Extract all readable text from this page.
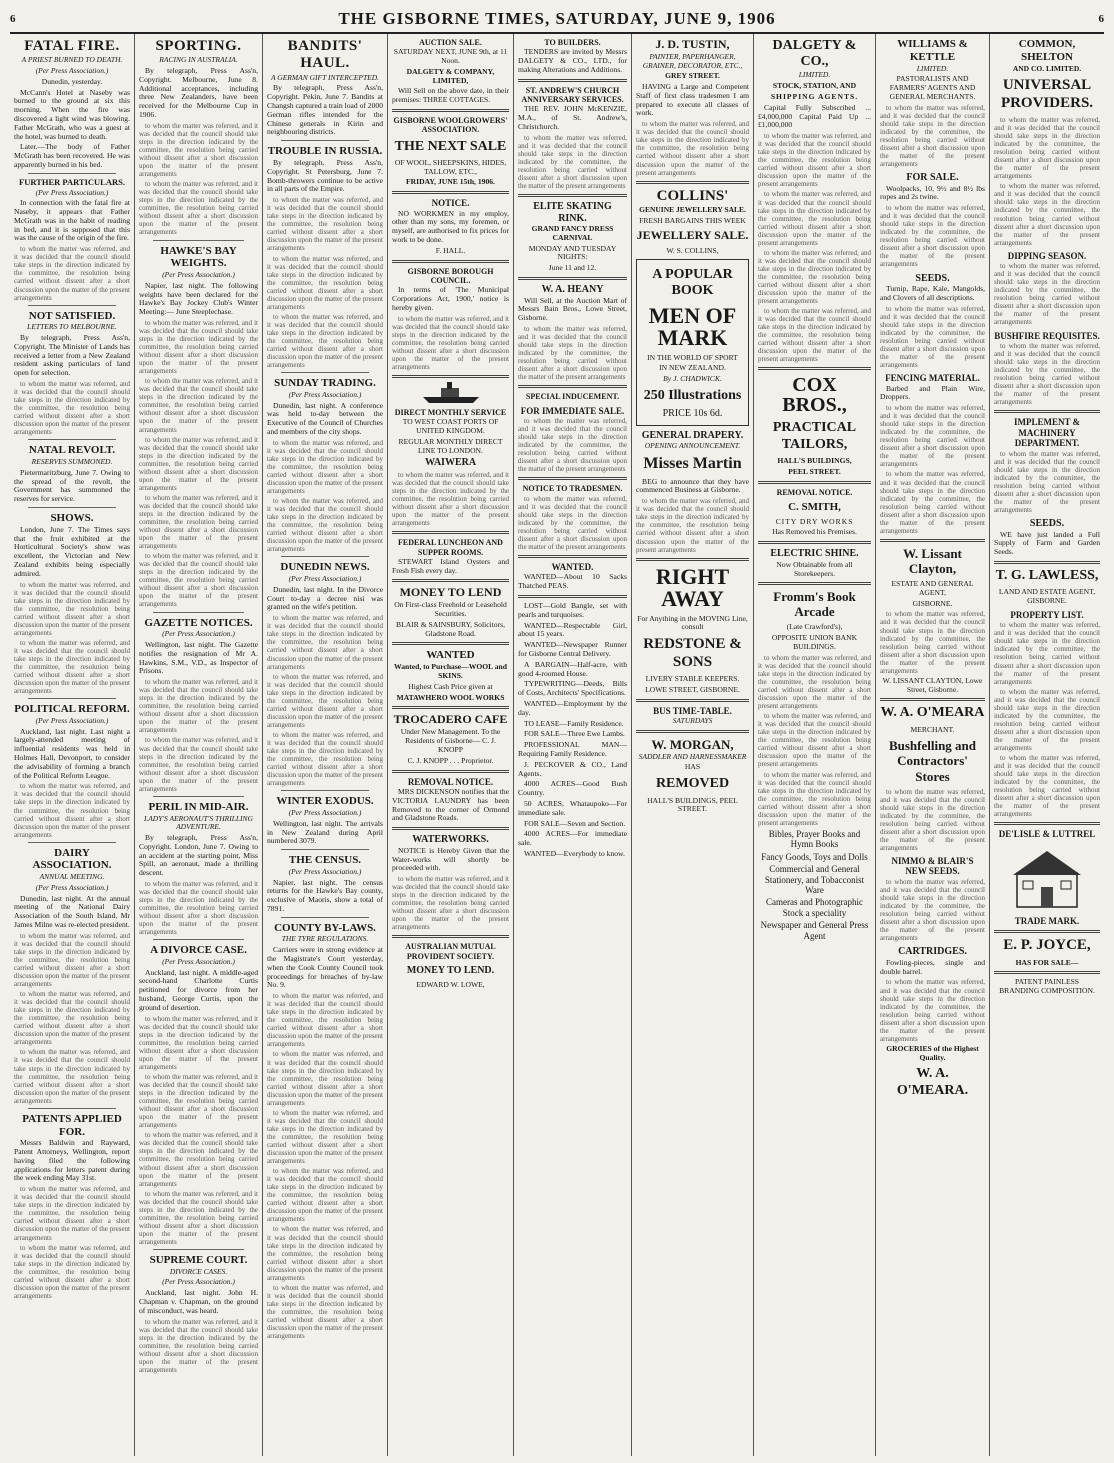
6	THE GISBORNE TIMES, SATURDAY, JUNE 9, 1906	6
FATAL FIRE.
A PRIEST BURNED TO DEATH.
(Per Press Association.)

Dunedin, yesterday.

McCann's Hotel at Naseby was burned to the ground at six this morning. When the fire was discovered a light wind was blowing. Father McGrath, who was a guest at the hotel, was burned to death.

Later.—The body of Father McGrath has been recovered. He was apparently burned in his bed.

FURTHER PARTICULARS.
(Per Press Association.)

In connection with the fatal fire at Naseby, it appears that Father McGrath was in the habit of reading in bed, and it is supposed that this was the cause of the origin of the fire.

to whom the matter was referred, and it was decided that the council should take steps in the direction indicated by the committee, the resolution being carried without dissent after a short discussion upon the matter of the present arrangements

NOT SATISFIED.
LETTERS TO MELBOURNE.

By telegraph, Press Ass'n, Copyright. The Minister of Lands has received a letter from a New Zealand resident asking particulars of land open for selection.

to whom the matter was referred, and it was decided that the council should take steps in the direction indicated by the committee, the resolution being carried without dissent after a short discussion upon the matter of the present arrangements

NATAL REVOLT.
RESERVES SUMMONED.

Pietermaritzburg, June 7. Owing to the spread of the revolt, the Government has summoned the reserves for service.

SHOWS.

London, June 7. The Times says that the fruit exhibited at the Horticultural Society's show was excellent, the Victorian and New Zealand exhibits being especially admired.

to whom the matter was referred, and it was decided that the council should take steps in the direction indicated by the committee, the resolution being carried without dissent after a short discussion upon the matter of the present arrangements

to whom the matter was referred, and it was decided that the council should take steps in the direction indicated by the committee, the resolution being carried without dissent after a short discussion upon the matter of the present arrangements

POLITICAL REFORM.
(Per Press Association.)

Auckland, last night. Last night a largely-attended meeting of influential residents was held in Holmes Hall, Devonport, to consider the advisability of forming a branch of the Political Reform League.

to whom the matter was referred, and it was decided that the council should take steps in the direction indicated by the committee, the resolution being carried without dissent after a short discussion upon the matter of the present arrangements

DAIRY ASSOCIATION.
ANNUAL MEETING.
(Per Press Association.)

Dunedin, last night. At the annual meeting of the National Dairy Association of the South Island, Mr James Milne was re-elected president.

to whom the matter was referred, and it was decided that the council should take steps in the direction indicated by the committee, the resolution being carried without dissent after a short discussion upon the matter of the present arrangements

to whom the matter was referred, and it was decided that the council should take steps in the direction indicated by the committee, the resolution being carried without dissent after a short discussion upon the matter of the present arrangements

to whom the matter was referred, and it was decided that the council should take steps in the direction indicated by the committee, the resolution being carried without dissent after a short discussion upon the matter of the present arrangements

PATENTS APPLIED FOR.

Messrs Baldwin and Rayward, Patent Attorneys, Wellington, report having filed the following applications for letters patent during the week ending May 31st.

to whom the matter was referred, and it was decided that the council should take steps in the direction indicated by the committee, the resolution being carried without dissent after a short discussion upon the matter of the present arrangements

to whom the matter was referred, and it was decided that the council should take steps in the direction indicated by the committee, the resolution being carried without dissent after a short discussion upon the matter of the present arrangements

SPORTING.
RACING IN AUSTRALIA.

By telegraph, Press Ass'n, Copyright. Melbourne, June 8. Additional acceptances, including three New Zealanders, have been received for the Melbourne Cup in 1906.

to whom the matter was referred, and it was decided that the council should take steps in the direction indicated by the committee, the resolution being carried without dissent after a short discussion upon the matter of the present arrangements

to whom the matter was referred, and it was decided that the council should take steps in the direction indicated by the committee, the resolution being carried without dissent after a short discussion upon the matter of the present arrangements

HAWKE'S BAY WEIGHTS.
(Per Press Association.)

Napier, last night. The following weights have been declared for the Hawke's Bay Jockey Club's Winter Meeting:— June Steeplechase.

to whom the matter was referred, and it was decided that the council should take steps in the direction indicated by the committee, the resolution being carried without dissent after a short discussion upon the matter of the present arrangements

to whom the matter was referred, and it was decided that the council should take steps in the direction indicated by the committee, the resolution being carried without dissent after a short discussion upon the matter of the present arrangements

to whom the matter was referred, and it was decided that the council should take steps in the direction indicated by the committee, the resolution being carried without dissent after a short discussion upon the matter of the present arrangements

to whom the matter was referred, and it was decided that the council should take steps in the direction indicated by the committee, the resolution being carried without dissent after a short discussion upon the matter of the present arrangements

to whom the matter was referred, and it was decided that the council should take steps in the direction indicated by the committee, the resolution being carried without dissent after a short discussion upon the matter of the present arrangements

GAZETTE NOTICES.
(Per Press Association.)

Wellington, last night. The Gazette notifies the resignation of Mr A. Hawkins, S.M., V.D., as Inspector of Prisons.

to whom the matter was referred, and it was decided that the council should take steps in the direction indicated by the committee, the resolution being carried without dissent after a short discussion upon the matter of the present arrangements

to whom the matter was referred, and it was decided that the council should take steps in the direction indicated by the committee, the resolution being carried without dissent after a short discussion upon the matter of the present arrangements

PERIL IN MID-AIR.
LADY'S AERONAUT'S THRILLING ADVENTURE.

By telegraph, Press Ass'n, Copyright. London, June 7. Owing to an accident at the starting point, Miss Spill, an aeronaut, made a thrilling descent.

to whom the matter was referred, and it was decided that the council should take steps in the direction indicated by the committee, the resolution being carried without dissent after a short discussion upon the matter of the present arrangements

A DIVORCE CASE.
(Per Press Association.)

Auckland, last night. A middle-aged second-hand Charlotte Curtis petitioned for divorce from her husband, George Curtis, upon the ground of desertion.

to whom the matter was referred, and it was decided that the council should take steps in the direction indicated by the committee, the resolution being carried without dissent after a short discussion upon the matter of the present arrangements

to whom the matter was referred, and it was decided that the council should take steps in the direction indicated by the committee, the resolution being carried without dissent after a short discussion upon the matter of the present arrangements

to whom the matter was referred, and it was decided that the council should take steps in the direction indicated by the committee, the resolution being carried without dissent after a short discussion upon the matter of the present arrangements

to whom the matter was referred, and it was decided that the council should take steps in the direction indicated by the committee, the resolution being carried without dissent after a short discussion upon the matter of the present arrangements

SUPREME COURT.
DIVORCE CASES.
(Per Press Association.)

Auckland, last night. John H. Chapman v. Chapman, on the ground of misconduct, was heard.

to whom the matter was referred, and it was decided that the council should take steps in the direction indicated by the committee, the resolution being carried without dissent after a short discussion upon the matter of the present arrangements

BANDITS' HAUL.
A GERMAN GIFT INTERCEPTED.

By telegraph, Press Ass'n, Copyright. Pekin, June 7. Bandits at Changsh captured a train load of 2000 German rifles intended for the Chinese generals in Kirin and neighbouring districts.

TROUBLE IN RUSSIA.

By telegraph, Press Ass'n, Copyright. St Petersburg, June 7. Bomb-throwers continue to be active in all parts of the Empire.

to whom the matter was referred, and it was decided that the council should take steps in the direction indicated by the committee, the resolution being carried without dissent after a short discussion upon the matter of the present arrangements

to whom the matter was referred, and it was decided that the council should take steps in the direction indicated by the committee, the resolution being carried without dissent after a short discussion upon the matter of the present arrangements

to whom the matter was referred, and it was decided that the council should take steps in the direction indicated by the committee, the resolution being carried without dissent after a short discussion upon the matter of the present arrangements

SUNDAY TRADING.
(Per Press Association.)

Dunedin, last night. A conference was held to-day between the Executive of the Council of Churches and members of the city shops.

to whom the matter was referred, and it was decided that the council should take steps in the direction indicated by the committee, the resolution being carried without dissent after a short discussion upon the matter of the present arrangements

to whom the matter was referred, and it was decided that the council should take steps in the direction indicated by the committee, the resolution being carried without dissent after a short discussion upon the matter of the present arrangements

DUNEDIN NEWS.
(Per Press Association.)

Dunedin, last night. In the Divorce Court to-day a decree nisi was granted on the wife's petition.

to whom the matter was referred, and it was decided that the council should take steps in the direction indicated by the committee, the resolution being carried without dissent after a short discussion upon the matter of the present arrangements

to whom the matter was referred, and it was decided that the council should take steps in the direction indicated by the committee, the resolution being carried without dissent after a short discussion upon the matter of the present arrangements

to whom the matter was referred, and it was decided that the council should take steps in the direction indicated by the committee, the resolution being carried without dissent after a short discussion upon the matter of the present arrangements

WINTER EXODUS.
(Per Press Association.)

Wellington, last night. The arrivals in New Zealand during April numbered 3079.

THE CENSUS.
(Per Press Association.)

Napier, last night. The census returns for the Hawke's Bay county, exclusive of Maoris, show a total of 7891.

COUNTY BY-LAWS.
THE TYRE REGULATIONS.

Carriers were in strong evidence at the Magistrate's Court yesterday, when the Cook County Council took proceedings for breaches of by-law No. 9.

to whom the matter was referred, and it was decided that the council should take steps in the direction indicated by the committee, the resolution being carried without dissent after a short discussion upon the matter of the present arrangements

to whom the matter was referred, and it was decided that the council should take steps in the direction indicated by the committee, the resolution being carried without dissent after a short discussion upon the matter of the present arrangements

to whom the matter was referred, and it was decided that the council should take steps in the direction indicated by the committee, the resolution being carried without dissent after a short discussion upon the matter of the present arrangements

to whom the matter was referred, and it was decided that the council should take steps in the direction indicated by the committee, the resolution being carried without dissent after a short discussion upon the matter of the present arrangements

to whom the matter was referred, and it was decided that the council should take steps in the direction indicated by the committee, the resolution being carried without dissent after a short discussion upon the matter of the present arrangements

to whom the matter was referred, and it was decided that the council should take steps in the direction indicated by the committee, the resolution being carried without dissent after a short discussion upon the matter of the present arrangements

AUCTION SALE.

SATURDAY NEXT, JUNE 9th, at 11 Noon.

DALGETY & COMPANY, LIMITED,

Will Sell on the above date, in their premises: THREE COTTAGES.

GISBORNE WOOLGROWERS' ASSOCIATION.
THE NEXT SALE

OF WOOL, SHEEPSKINS, HIDES, TALLOW, ETC.,

FRIDAY, JUNE 15th, 1906.

NOTICE.

NO WORKMEN in my employ, other than my sons, my foremen, or myself, are authorised to fix prices for work to be done.

F. HALL.

GISBORNE BOROUGH COUNCIL.

In terms of 'The Municipal Corporations Act, 1900,' notice is hereby given.

to whom the matter was referred, and it was decided that the council should take steps in the direction indicated by the committee, the resolution being carried without dissent after a short discussion upon the matter of the present arrangements

DIRECT MONTHLY SERVICE

TO WEST COAST PORTS OF UNITED KINGDOM.

REGULAR MONTHLY DIRECT LINE TO LONDON.

WAIWERA

to whom the matter was referred, and it was decided that the council should take steps in the direction indicated by the committee, the resolution being carried without dissent after a short discussion upon the matter of the present arrangements

FEDERAL LUNCHEON AND SUPPER ROOMS.

STEWART Island Oysters and Fresh Fish every day.

MONEY TO LEND

On First-class Freehold or Leasehold Securities.

BLAIR & SAINSBURY, Solicitors, Gladstone Road.

WANTED

Wanted, to Purchase—WOOL and SKINS.

Highest Cash Price given at

MATAWHERO WOOL WORKS

TROCADERO CAFE

Under New Management. To the Residents of Gisborne— C. J. KNOPP

C. J. KNOPP . . . Proprietor.

REMOVAL NOTICE.

MRS DICKENSON notifies that the VICTORIA LAUNDRY has been Removed to the corner of Ormond and Gladstone Roads.

WATERWORKS.

NOTICE is Hereby Given that the Water-works will shortly be proceeded with.

to whom the matter was referred, and it was decided that the council should take steps in the direction indicated by the committee, the resolution being carried without dissent after a short discussion upon the matter of the present arrangements

AUSTRALIAN MUTUAL PROVIDENT SOCIETY.
MONEY TO LEND.

EDWARD W. LOWE,

TO BUILDERS.

TENDERS are invited by Messrs DALGETY & CO., LTD., for making Alterations and Additions.

ST. ANDREW'S CHURCH ANNIVERSARY SERVICES.

THE REV. JOHN McKENZIE, M.A., of St. Andrew's, Christchurch.

to whom the matter was referred, and it was decided that the council should take steps in the direction indicated by the committee, the resolution being carried without dissent after a short discussion upon the matter of the present arrangements

ELITE SKATING RINK.

GRAND FANCY DRESS CARNIVAL

MONDAY AND TUESDAY NIGHTS:

June 11 and 12.

W. A. HEANY

Will Sell, at the Auction Mart of Messrs Bain Bros., Lowe Street, Gisborne.

to whom the matter was referred, and it was decided that the council should take steps in the direction indicated by the committee, the resolution being carried without dissent after a short discussion upon the matter of the present arrangements

SPECIAL INDUCEMENT.
FOR IMMEDIATE SALE.

to whom the matter was referred, and it was decided that the council should take steps in the direction indicated by the committee, the resolution being carried without dissent after a short discussion upon the matter of the present arrangements

NOTICE TO TRADESMEN.

to whom the matter was referred, and it was decided that the council should take steps in the direction indicated by the committee, the resolution being carried without dissent after a short discussion upon the matter of the present arrangements

WANTED.

WANTED—About 10 Sacks Thatched PEAS.

LOST—Gold Bangle, set with pearls and turquoises.

WANTED—Respectable Girl, about 15 years.

WANTED—Newspaper Runner for Gisborne Central Delivery.

A BARGAIN—Half-acre, with good 4-roomed House.

TYPEWRITING—Deeds, Bills of Costs, Architects' Specifications.

WANTED—Employment by the day.

TO LEASE—Family Residence.

FOR SALE—Three Ewe Lambs.

PROFESSIONAL MAN—Requiring Family Residence.

J. PECKOVER & CO., Land Agents.

4000 ACRES—Good Bush Country.

50 ACRES, Whataupoko—For immediate sale.

FOR SALE—Seven and Section.

4000 ACRES—For immediate sale.

WANTED—Everybody to know.

J. D. TUSTIN,
PAINTER, PAPERHANGER, GRAINER, DECORATOR, ETC.,

GREY STREET.

HAVING a Large and Competent Staff of first class tradesmen I am prepared to execute all classes of work.

to whom the matter was referred, and it was decided that the council should take steps in the direction indicated by the committee, the resolution being carried without dissent after a short discussion upon the matter of the present arrangements

COLLINS'
GENUINE JEWELLERY SALE.

FRESH BARGAINS THIS WEEK

JEWELLERY SALE.

W. S. COLLINS,

A POPULAR BOOK
MEN OF MARK

IN THE WORLD OF SPORT

IN NEW ZEALAND.

By J. CHADWICK.

250 Illustrations

PRICE 10s 6d.

GENERAL DRAPERY.
OPENING ANNOUNCEMENT.
Misses Martin

BEG to announce that they have commenced Business at Gisborne.

to whom the matter was referred, and it was decided that the council should take steps in the direction indicated by the committee, the resolution being carried without dissent after a short discussion upon the matter of the present arrangements

RIGHT AWAY

For Anything in the MOVING Line, consult

REDSTONE & SONS

LIVERY STABLE KEEPERS.

LOWE STREET, GISBORNE.

BUS TIME-TABLE.
SATURDAYS
W. MORGAN,
SADDLER AND HARNESSMAKER

HAS

REMOVED

HALL'S BUILDINGS, PEEL STREET.

DALGETY & CO.,
LIMITED.

STOCK, STATION, AND

SHIPPING AGENTS.

Capital Fully Subscribed ... £4,000,000 Capital Paid Up ... £1,000,000

to whom the matter was referred, and it was decided that the council should take steps in the direction indicated by the committee, the resolution being carried without dissent after a short discussion upon the matter of the present arrangements

to whom the matter was referred, and it was decided that the council should take steps in the direction indicated by the committee, the resolution being carried without dissent after a short discussion upon the matter of the present arrangements

to whom the matter was referred, and it was decided that the council should take steps in the direction indicated by the committee, the resolution being carried without dissent after a short discussion upon the matter of the present arrangements

to whom the matter was referred, and it was decided that the council should take steps in the direction indicated by the committee, the resolution being carried without dissent after a short discussion upon the matter of the present arrangements

COX BROS.,
PRACTICAL TAILORS,

HALL'S BUILDINGS,

PEEL STREET.

REMOVAL NOTICE.
C. SMITH,

CITY DRY WORKS

Has Removed his Premises.

ELECTRIC SHINE.

Now Obtainable from all Storekeepers.

Fromm's Book Arcade

(Late Crawford's),

OPPOSITE UNION BANK BUILDINGS.

to whom the matter was referred, and it was decided that the council should take steps in the direction indicated by the committee, the resolution being carried without dissent after a short discussion upon the matter of the present arrangements

to whom the matter was referred, and it was decided that the council should take steps in the direction indicated by the committee, the resolution being carried without dissent after a short discussion upon the matter of the present arrangements

to whom the matter was referred, and it was decided that the council should take steps in the direction indicated by the committee, the resolution being carried without dissent after a short discussion upon the matter of the present arrangements

Bibles, Prayer Books and Hymn Books

Fancy Goods, Toys and Dolls

Commercial and General Stationery, and Tobacconist Ware

Cameras and Photographic Stock a speciality

Newspaper and General Press Agent

WILLIAMS & KETTLE
LIMITED.

PASTORALISTS AND FARMERS' AGENTS AND GENERAL MERCHANTS.

to whom the matter was referred, and it was decided that the council should take steps in the direction indicated by the committee, the resolution being carried without dissent after a short discussion upon the matter of the present arrangements

FOR SALE.

Woolpacks, 10, 9½ and 8½ lbs ropes and 2s twine.

to whom the matter was referred, and it was decided that the council should take steps in the direction indicated by the committee, the resolution being carried without dissent after a short discussion upon the matter of the present arrangements

SEEDS.

Turnip, Rape, Kale, Mangolds, and Clovers of all descriptions.

to whom the matter was referred, and it was decided that the council should take steps in the direction indicated by the committee, the resolution being carried without dissent after a short discussion upon the matter of the present arrangements

FENCING MATERIAL.

Barbed and Plain Wire, Droppers.

to whom the matter was referred, and it was decided that the council should take steps in the direction indicated by the committee, the resolution being carried without dissent after a short discussion upon the matter of the present arrangements

to whom the matter was referred, and it was decided that the council should take steps in the direction indicated by the committee, the resolution being carried without dissent after a short discussion upon the matter of the present arrangements

W. Lissant Clayton,

ESTATE AND GENERAL AGENT,

GISBORNE.

to whom the matter was referred, and it was decided that the council should take steps in the direction indicated by the committee, the resolution being carried without dissent after a short discussion upon the matter of the present arrangements

W. LISSANT CLAYTON, Lowe Street, Gisborne.

W. A. O'MEARA

MERCHANT.

Bushfelling and Contractors' Stores

to whom the matter was referred, and it was decided that the council should take steps in the direction indicated by the committee, the resolution being carried without dissent after a short discussion upon the matter of the present arrangements

NIMMO & BLAIR'S NEW SEEDS.

to whom the matter was referred, and it was decided that the council should take steps in the direction indicated by the committee, the resolution being carried without dissent after a short discussion upon the matter of the present arrangements

CARTRIDGES.

Fowling-pieces, single and double barrel.

to whom the matter was referred, and it was decided that the council should take steps in the direction indicated by the committee, the resolution being carried without dissent after a short discussion upon the matter of the present arrangements

GROCERIES of the Highest Quality.

W. A. O'MEARA.
COMMON, SHELTON
AND CO. LIMITED.
UNIVERSAL PROVIDERS.

to whom the matter was referred, and it was decided that the council should take steps in the direction indicated by the committee, the resolution being carried without dissent after a short discussion upon the matter of the present arrangements

to whom the matter was referred, and it was decided that the council should take steps in the direction indicated by the committee, the resolution being carried without dissent after a short discussion upon the matter of the present arrangements

DIPPING SEASON.

to whom the matter was referred, and it was decided that the council should take steps in the direction indicated by the committee, the resolution being carried without dissent after a short discussion upon the matter of the present arrangements

BUSHFIRE REQUISITES.

to whom the matter was referred, and it was decided that the council should take steps in the direction indicated by the committee, the resolution being carried without dissent after a short discussion upon the matter of the present arrangements

IMPLEMENT & MACHINERY DEPARTMENT.

to whom the matter was referred, and it was decided that the council should take steps in the direction indicated by the committee, the resolution being carried without dissent after a short discussion upon the matter of the present arrangements

SEEDS.

WE have just landed a Full Supply of Farm and Garden Seeds.

T. G. LAWLESS,

LAND AND ESTATE AGENT, GISBORNE.

PROPERTY LIST.

to whom the matter was referred, and it was decided that the council should take steps in the direction indicated by the committee, the resolution being carried without dissent after a short discussion upon the matter of the present arrangements

to whom the matter was referred, and it was decided that the council should take steps in the direction indicated by the committee, the resolution being carried without dissent after a short discussion upon the matter of the present arrangements

to whom the matter was referred, and it was decided that the council should take steps in the direction indicated by the committee, the resolution being carried without dissent after a short discussion upon the matter of the present arrangements

DE'LISLE & LUTTREL

TRADE MARK.

E. P. JOYCE,

HAS FOR SALE—

PATENT PAINLESS BRANDING COMPOSITION.
